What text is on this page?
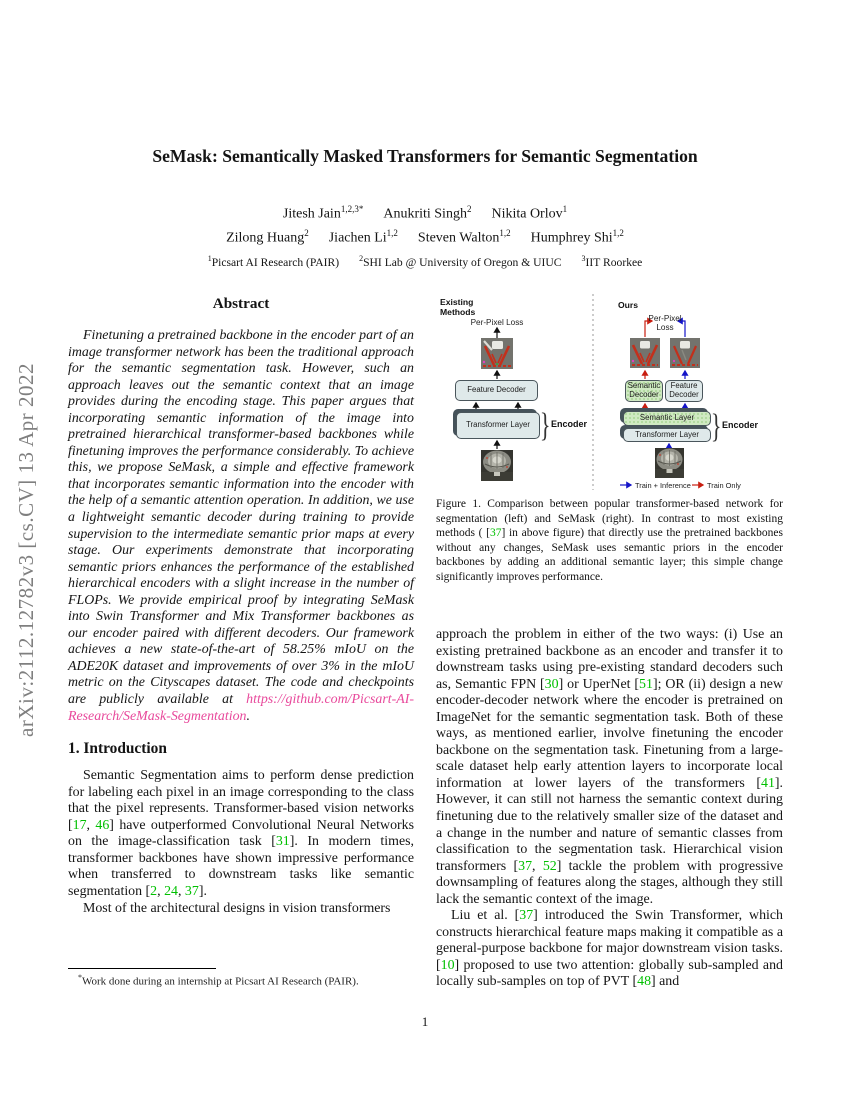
arXiv:2112.12782v3 [cs.CV] 13 Apr 2022
SeMask: Semantically Masked Transformers for Semantic Segmentation
Jitesh Jain$^{1,2,3*}$ Anukriti Singh$^2$ Nikita Orlov$^1$
Zilong Huang$^2$ Jiachen Li$^{1,2}$ Steven Walton$^{1,2}$ Humphrey Shi$^{1,2}$
$^1$Picsart AI Research (PAIR)	$^2$SHI Lab @ University of Oregon & UIUC	$^3$IIT Roorkee
Abstract
Finetuning a pretrained backbone in the encoder part of an image transformer network has been the traditional approach for the semantic segmentation task. However, such an approach leaves out the semantic context that an image provides during the encoding stage. This paper argues that incorporating semantic information of the image into pretrained hierarchical transformer-based backbones while finetuning improves the performance considerably. To achieve this, we propose SeMask, a simple and effective framework that incorporates semantic information into the encoder with the help of a semantic attention operation. In addition, we use a lightweight semantic decoder during training to provide supervision to the intermediate semantic prior maps at every stage. Our experiments demonstrate that incorporating semantic priors enhances the performance of the established hierarchical encoders with a slight increase in the number of FLOPs. We provide empirical proof by integrating SeMask into Swin Transformer and Mix Transformer backbones as our encoder paired with different decoders. Our framework achieves a new state-of-the-art of 58.25% mIoU on the ADE20K dataset and improvements of over 3% in the mIoU metric on the Cityscapes dataset. The code and checkpoints are publicly available at https://github.com/Picsart-AI-Research/SeMask-Segmentation.
1. Introduction
Semantic Segmentation aims to perform dense prediction for labeling each pixel in an image corresponding to the class that the pixel represents. Transformer-based vision networks [17, 46] have outperformed Convolutional Neural Networks on the image-classification task [31]. In modern times, transformer backbones have shown impressive performance when transferred to downstream tasks like semantic segmentation [2, 24, 37].
Most of the architectural designs in vision transformers
Existing Methods
Per-Pixel Loss
Feature Decoder
Transformer Layer } Encoder
Ours
Per-Pixel Loss
Semantic Decoder
Feature Decoder
Semantic Layer
Transformer Layer } Encoder
Train + Inference Train Only
Figure 1. Comparison between popular transformer-based network for segmentation (left) and SeMask (right). In contrast to most existing methods ( [37] in above figure) that directly use the pretrained backbones without any changes, SeMask uses semantic priors in the encoder backbones by adding an additional semantic layer; this simple change significantly improves performance.
approach the problem in either of the two ways: (i) Use an existing pretrained backbone as an encoder and transfer it to downstream tasks using pre-existing standard decoders such as, Semantic FPN [30] or UperNet [51]; OR (ii) design a new encoder-decoder network where the encoder is pretrained on ImageNet for the semantic segmentation task. Both of these ways, as mentioned earlier, involve finetuning the encoder backbone on the segmentation task. Finetuning from a large-scale dataset help early attention layers to incorporate local information at lower layers of the transformers [41]. However, it can still not harness the semantic context during finetuning due to the relatively smaller size of the dataset and a change in the number and nature of semantic classes from classification to the segmentation task. Hierarchical vision transformers [37, 52] tackle the problem with progressive downsampling of features along the stages, although they still lack the semantic context of the image.
Liu et al. [37] introduced the Swin Transformer, which constructs hierarchical feature maps making it compatible as a general-purpose backbone for major downstream vision tasks. [10] proposed to use two attention: globally sub-sampled and locally sub-samples on top of PVT [48] and
*Work done during an internship at Picsart AI Research (PAIR).
1
